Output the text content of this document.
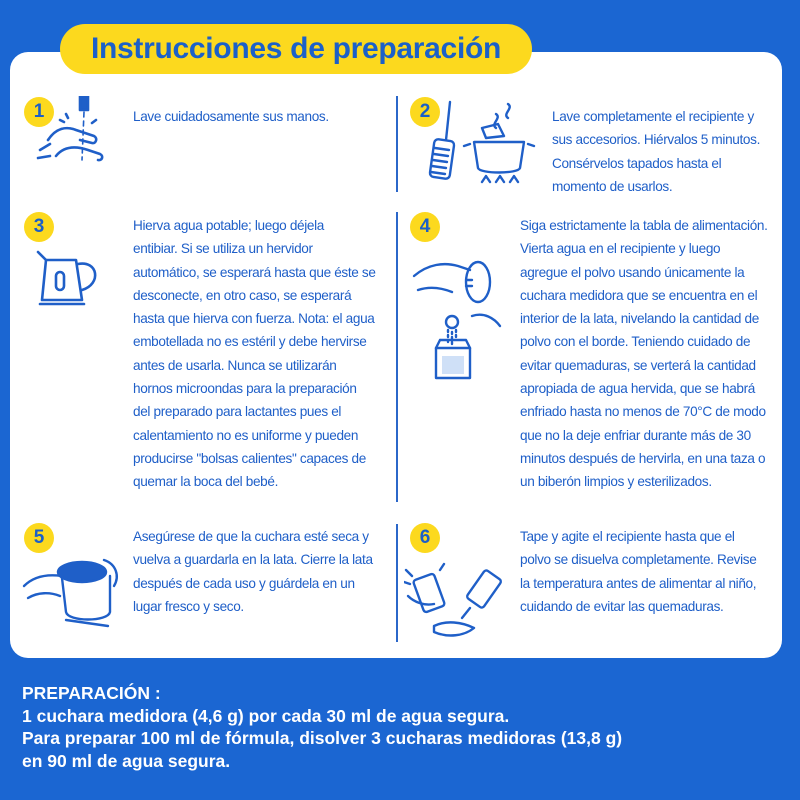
Instrucciones de preparación
1	Lave cuidadosamente sus manos.	2	Lave completamente el recipiente y
sus accesorios. Hiérvalos 5 minutos.
Consérvelos tapados hasta el
momento de usarlos.
3	Hierva agua potable; luego déjela
entibiar. Si se utiliza un hervidor
automático, se esperará hasta que éste se
desconecte, en otro caso, se esperará
hasta que hierva con fuerza. Nota: el agua
embotellada no es estéril y debe hervirse
antes de usarla. Nunca se utilizarán
hornos microondas para la preparación
del preparado para lactantes pues el
calentamiento no es uniforme y pueden
producirse "bolsas calientes" capaces de
quemar la boca del bebé.
4	Siga estrictamente la tabla de alimentación.
Vierta agua en el recipiente y luego
agregue el polvo usando únicamente la
cuchara medidora que se encuentra en el
interior de la lata, nivelando la cantidad de
polvo con el borde. Teniendo cuidado de
evitar quemaduras, se verterá la cantidad
apropiada de agua hervida, que se habrá
enfriado hasta no menos de 70°C de modo
que no la deje enfriar durante más de 30
minutos después de hervirla, en una taza o
un biberón limpios y esterilizados.
5	Asegúrese de que la cuchara esté seca y
vuelva a guardarla en la lata. Cierre la lata
después de cada uso y guárdela en un
lugar fresco y seco.
6	Tape y agite el recipiente hasta que el
polvo se disuelva completamente. Revise
la temperatura antes de alimentar al niño,
cuidando de evitar las quemaduras.
PREPARACIÓN :
1 cuchara medidora (4,6 g) por cada 30 ml de agua segura.
Para preparar 100 ml de fórmula, disolver 3 cucharas medidoras (13,8 g)
en 90 ml de agua segura.
